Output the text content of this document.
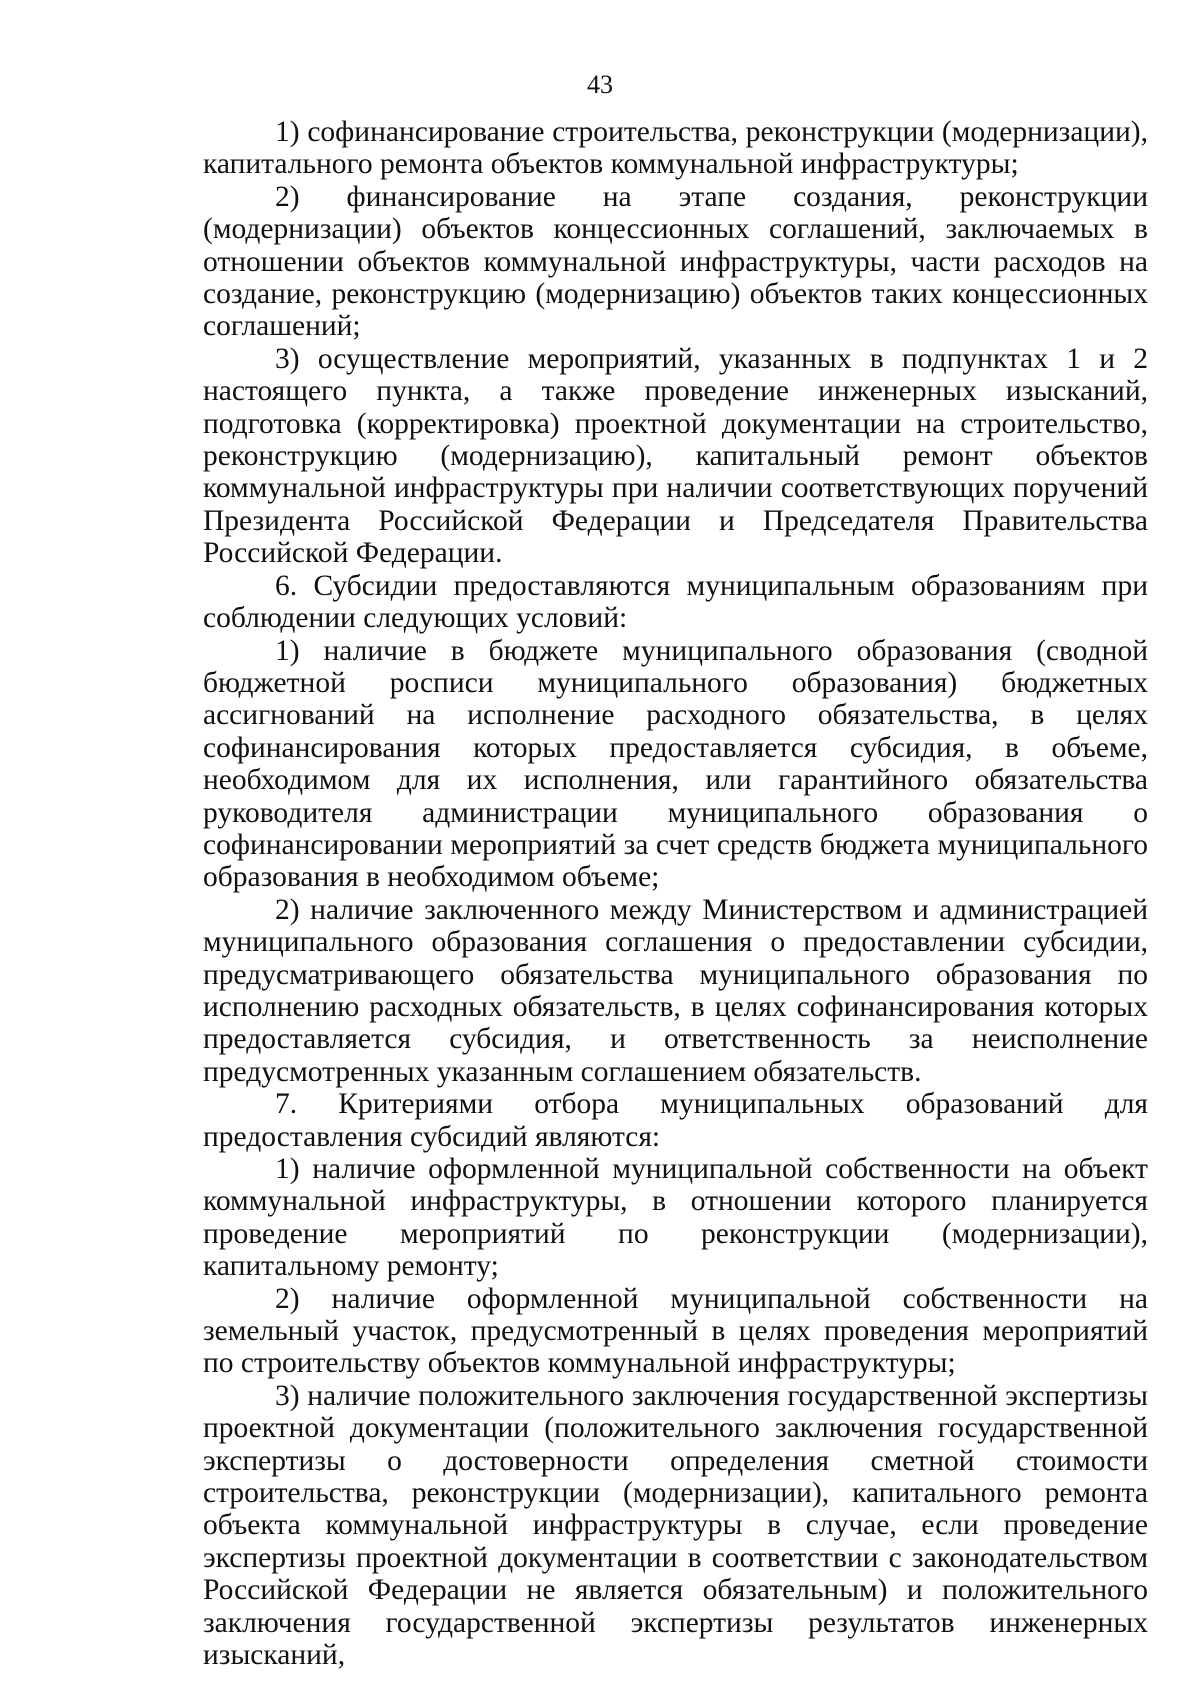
43

1) софинансирование строительства, реконструкции (модернизации), капитального ремонта объектов коммунальной инфраструктуры;

2) финансирование на этапе создания, реконструкции (модернизации) объектов концессионных соглашений, заключаемых в отношении объектов коммунальной инфраструктуры, части расходов на создание, реконструкцию (модернизацию) объектов таких концессионных соглашений;

3) осуществление мероприятий, указанных в подпунктах 1 и 2 настоящего пункта, а также проведение инженерных изысканий, подготовка (корректировка) проектной документации на строительство, реконструкцию (модернизацию), капитальный ремонт объектов коммунальной инфраструктуры при наличии соответствующих поручений Президента Российской Федерации и Председателя Правительства Российской Федерации.

6. Субсидии предоставляются муниципальным образованиям при соблюдении следующих условий:

1) наличие в бюджете муниципального образования (сводной бюджетной росписи муниципального образования) бюджетных ассигнований на исполнение расходного обязательства, в целях софинансирования которых предоставляется субсидия, в объеме, необходимом для их исполнения, или гарантийного обязательства руководителя администрации муниципального образования о софинансировании мероприятий за счет средств бюджета муниципального образования в необходимом объеме;

2) наличие заключенного между Министерством и администрацией муниципального образования соглашения о предоставлении субсидии, предусматривающего обязательства муниципального образования по исполнению расходных обязательств, в целях софинансирования которых предоставляется субсидия, и ответственность за неисполнение предусмотренных указанным соглашением обязательств.

7. Критериями отбора муниципальных образований для предоставления субсидий являются:

1) наличие оформленной муниципальной собственности на объект коммунальной инфраструктуры, в отношении которого планируется проведение мероприятий по реконструкции (модернизации), капитальному ремонту;

2) наличие оформленной муниципальной собственности на земельный участок, предусмотренный в целях проведения мероприятий по строительству объектов коммунальной инфраструктуры;

3) наличие положительного заключения государственной экспертизы проектной документации (положительного заключения государственной экспертизы о достоверности определения сметной стоимости строительства, реконструкции (модернизации), капитального ремонта объекта коммунальной инфраструктуры в случае, если проведение экспертизы проектной документации в соответствии с законодательством Российской Федерации не является обязательным) и положительного заключения государственной экспертизы результатов инженерных изысканий,
